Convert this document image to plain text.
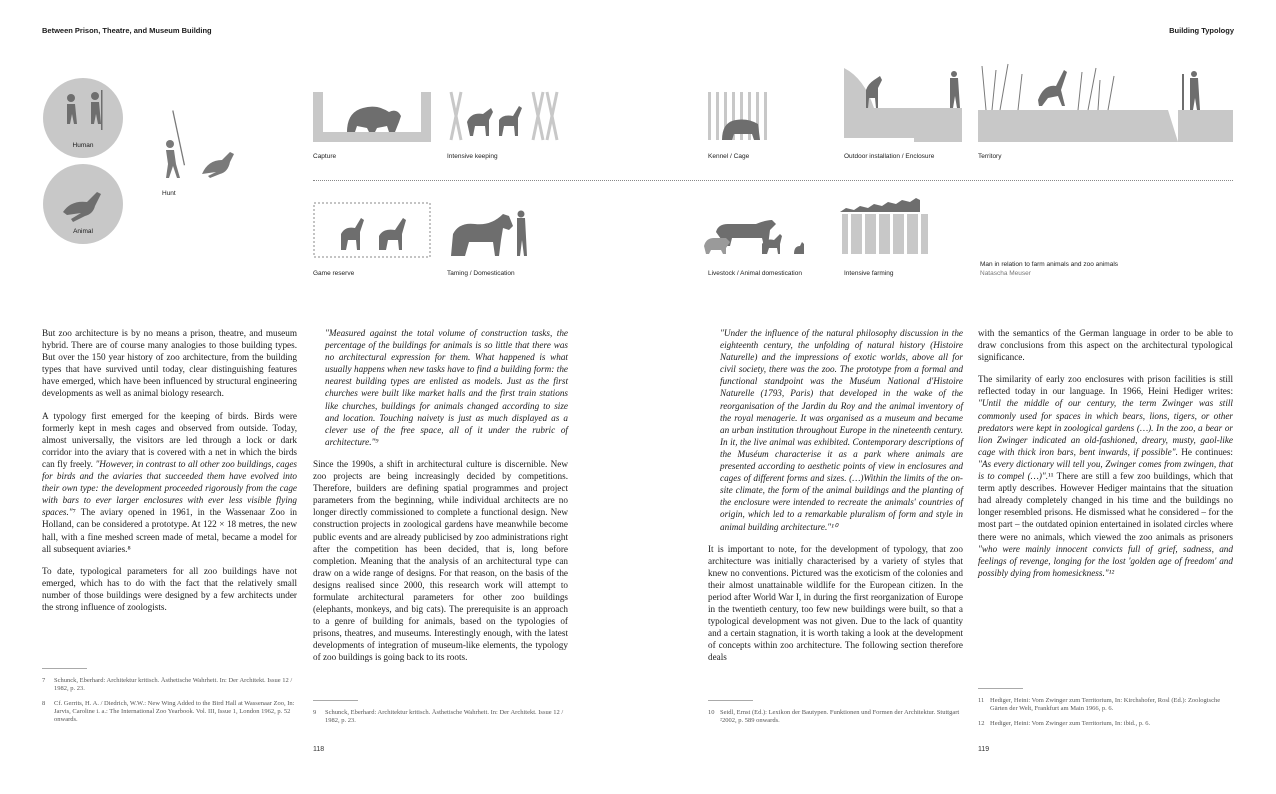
Between Prison, Theatre, and Museum Building	Building Typology
Human
Animal
Hunt
Capture	Intensive keeping	Kennel / Cage	Outdoor installation / Enclosure	Territory
Game reserve	Taming / Domestication	Livestock / Animal domestication	Intensive farming
Man in relation to farm animals and zoo animals
Natascha Meuser

But zoo architecture is by no means a prison, theatre, and museum hybrid. There are of course many analogies to those building types. But over the 150 year history of zoo architecture, from the building types that have survived until today, clear distinguishing features have emerged, which have been influenced by structural engineering developments as well as animal biology research.

A typology first emerged for the keeping of birds. Birds were formerly kept in mesh cages and observed from outside. Today, almost universally, the visitors are led through a lock or dark corridor into the aviary that is covered with a net in which the birds can fly freely. "However, in contrast to all other zoo buildings, cages for birds and the aviaries that succeeded them have evolved into their own type: the development proceeded rigorously from the cage with bars to ever larger enclosures with ever less visible flying spaces."⁷ The aviary opened in 1961, in the Wassenaar Zoo in Holland, can be considered a prototype. At 122 × 18 metres, the new hall, with a fine meshed screen made of metal, became a model for all subsequent aviaries.⁸

To date, typological parameters for all zoo buildings have not emerged, which has to do with the fact that the relatively small number of those buildings were designed by a few architects under the strong influence of zoologists.

"Measured against the total volume of construction tasks, the percentage of the buildings for animals is so little that there was no architectural expression for them. What happened is what usually happens when new tasks have to find a building form: the nearest building types are enlisted as models. Just as the first churches were built like market halls and the first train stations like churches, buildings for animals changed according to size and location. Touching naivety is just as much displayed as a clever use of the free space, all of it under the rubric of architecture."⁹

Since the 1990s, a shift in architectural culture is discernible. New zoo projects are being increasingly decided by competitions. Therefore, builders are defining spatial programmes and project parameters from the beginning, while individual architects are no longer directly commissioned to complete a functional design. New construction projects in zoological gardens have meanwhile become public events and are already publicised by zoo administrations right after the competition has been decided, that is, long before completion. Meaning that the analysis of an architectural type can draw on a wide range of designs. For that reason, on the basis of the designs realised since 2000, this research work will attempt to formulate architectural parameters for other zoo buildings (elephants, monkeys, and big cats). The prerequisite is an approach to a genre of building for animals, based on the typologies of prisons, theatres, and museums. Interestingly enough, with the latest developments of integration of museum-like elements, the typology of zoo buildings is going back to its roots.

"Under the influence of the natural philosophy discussion in the eighteenth century, the unfolding of natural history (Histoire Naturelle) and the impressions of exotic worlds, above all for civil society, there was the zoo. The prototype from a formal and functional standpoint was the Muséum National d'Histoire Naturelle (1793, Paris) that developed in the wake of the reorganisation of the Jardin du Roy and the animal inventory of the royal menagerie. It was organised as a museum and became an urban institution throughout Europe in the nineteenth century. In it, the live animal was exhibited. Contemporary descriptions of the Muséum characterise it as a park where animals are presented according to aesthetic points of view in enclosures and cages of different forms and sizes. (…)Within the limits of the on-site climate, the form of the animal buildings and the planting of the enclosure were intended to recreate the animals' countries of origin, which led to a remarkable pluralism of form and style in animal building architecture."¹⁰

It is important to note, for the development of typology, that zoo architecture was initially characterised by a variety of styles that knew no conventions. Pictured was the exoticism of the colonies and their almost unattainable wildlife for the European citizen. In the period after World War I, in during the first reorganization of Europe in the twentieth century, too few new buildings were built, so that a typological development was not given. Due to the lack of quantity and a certain stagnation, it is worth taking a look at the development of concepts within zoo architecture. The following section therefore deals

with the semantics of the German language in order to be able to draw conclusions from this aspect on the architectural typological significance.

The similarity of early zoo enclosures with prison facilities is still reflected today in our language. In 1966, Heini Hediger writes: "Until the middle of our century, the term Zwinger was still commonly used for spaces in which bears, lions, tigers, or other predators were kept in zoological gardens (…). In the zoo, a bear or lion Zwinger indicated an old-fashioned, dreary, musty, gaol-like cage with thick iron bars, bent inwards, if possible". He continues: "As every dictionary will tell you, Zwinger comes from zwingen, that is to compel (…)".¹¹ There are still a few zoo buildings, which that term aptly describes. However Hediger maintains that the situation had already completely changed in his time and the buildings no longer resembled prisons. He dismissed what he considered – for the most part – the outdated opinion entertained in isolated circles where there were no animals, which viewed the zoo animals as prisoners "who were mainly innocent convicts full of grief, sadness, and feelings of revenge, longing for the lost 'golden age of freedom' and possibly dying from homesickness."¹²

7	Schunck, Eberhard: Architektur kritisch. Ästhetische Wahrheit. In: Der Architekt. Issue 12 / 1982, p. 23.
8	Cf. Gerrits, H. A. / Diedrich, W.W.: New Wing Added to the Bird Hall at Wassenaar Zoo, In: Jarvis, Caroline i. a.: The International Zoo Yearbook. Vol. III, Issue 1, London 1962, p. 52 onwards.
9	Schunck, Eberhard: Architektur kritisch. Ästhetische Wahrheit. In: Der Architekt. Issue 12 / 1982, p. 23.
10 Seidl, Ernst (Ed.): Lexikon der Bautypen. Funktionen und Formen der Architektur. Stuttgart ²2002, p. 589 onwards.
11 Hediger, Heini: Vom Zwinger zum Territorium, In: Kirchshofer, Rosl (Ed.): Zoologische Gärten der Welt, Frankfurt am Main 1966, p. 6.
12 Hediger, Heini: Vom Zwinger zum Territorium, In: ibid., p. 6.
118	119
